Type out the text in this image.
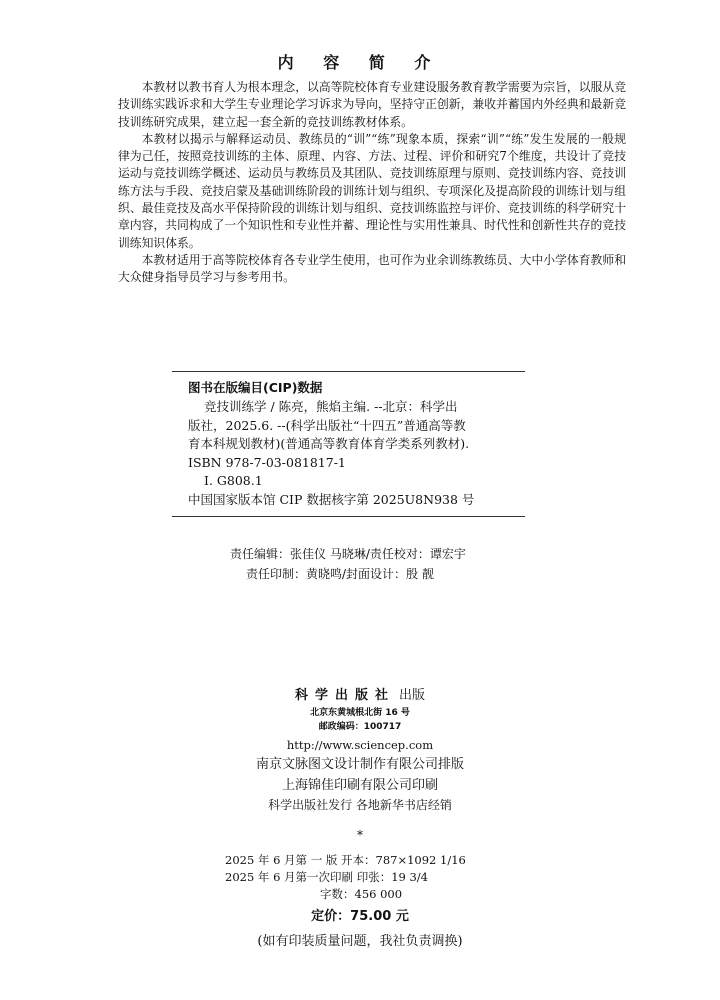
内 容 简 介

本教材以教书育人为根本理念，以高等院校体育专业建设服务教育教学需要为宗旨，以服从竞技训练实践诉求和大学生专业理论学习诉求为导向，坚持守正创新，兼收并蓄国内外经典和最新竞技训练研究成果，建立起一套全新的竞技训练教材体系。

本教材以揭示与解释运动员、教练员的“训”“练”现象本质，探索“训”“练”发生发展的一般规律为己任，按照竞技训练的主体、原理、内容、方法、过程、评价和研究7个维度，共设计了竞技运动与竞技训练学概述、运动员与教练员及其团队、竞技训练原理与原则、竞技训练内容、竞技训练方法与手段、竞技启蒙及基础训练阶段的训练计划与组织、专项深化及提高阶段的训练计划与组织、最佳竞技及高水平保持阶段的训练计划与组织、竞技训练监控与评价、竞技训练的科学研究十章内容，共同构成了一个知识性和专业性并蓄、理论性与实用性兼具、时代性和创新性共存的竞技训练知识体系。

本教材适用于高等院校体育各专业学生使用，也可作为业余训练教练员、大中小学体育教师和大众健身指导员学习与参考用书。

图书在版编目(CIP)数据
竞技训练学 / 陈亮，熊焰主编. --北京：科学出
版社，2025.6. --(科学出版社“十四五”普通高等教
育本科规划教材)(普通高等教育体育学类系列教材).
ISBN 978-7-03-081817-1
Ⅰ. G808.1
中国国家版本馆 CIP 数据核字第 2025U8N938 号
责任编辑：张佳仪 马晓琳/责任校对：谭宏宇
责任印制：黄晓鸣/封面设计：殷 靓
科学出版社 出版
北京东黄城根北街 16 号
邮政编码：100717
http://www.sciencep.com
南京文脉图文设计制作有限公司排版
上海锦佳印刷有限公司印刷
科学出版社发行 各地新华书店经销
*
2025 年 6 月第 一 版 开本：787×1092 1/16
2025 年 6 月第一次印刷 印张：19 3/4
字数：456 000
定价：75.00 元
(如有印装质量问题，我社负责调换)
